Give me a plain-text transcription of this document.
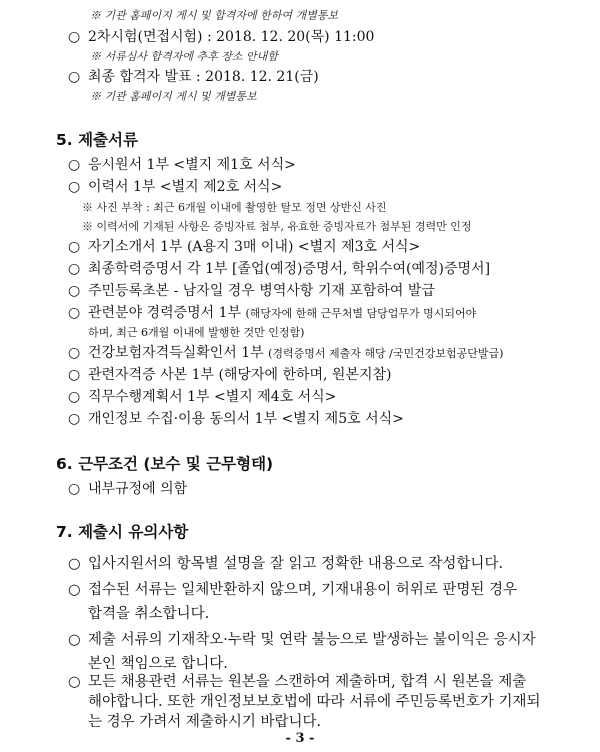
※ 기관 홈페이지 게시 및 합격자에 한하여 개별통보
○ 2차시험(면접시험) : 2018. 12. 20(목) 11:00
※ 서류심사 합격자에 추후 장소 안내함
○ 최종 합격자 발표 : 2018. 12. 21(금)
※ 기관 홈페이지 게시 및 개별통보
5. 제출서류
○ 응시원서 1부 <별지 제1호 서식>
○ 이력서 1부 <별지 제2호 서식>
※ 사진 부착 : 최근 6개월 이내에 촬영한 탈모 정면 상반신 사진
※ 이력서에 기재된 사항은 증빙자료 첨부, 유효한 증빙자료가 첨부된 경력만 인정
○ 자기소개서 1부 (A용지 3매 이내) <별지 제3호 서식>
○ 최종학력증명서 각 1부 [졸업(예정)증명서, 학위수여(예정)증명서]
○ 주민등록초본 - 남자일 경우 병역사항 기재 포함하여 발급
○ 관련분야 경력증명서 1부 (해당자에 한해 근무처별 담당업무가 명시되어야
하며, 최근 6개월 이내에 발행한 것만 인정함)
○ 건강보험자격득실확인서 1부 (경력증명서 제출자 해당 /국민건강보험공단발급)
○ 관련자격증 사본 1부 (해당자에 한하며, 원본지참)
○ 직무수행계획서 1부 <별지 제4호 서식>
○ 개인정보 수집·이용 동의서 1부 <별지 제5호 서식>
6. 근무조건 (보수 및 근무형태)
○ 내부규정에 의함
7. 제출시 유의사항
○ 입사지원서의 항목별 설명을 잘 읽고 정확한 내용으로 작성합니다.
○ 접수된 서류는 일체반환하지 않으며, 기재내용이 허위로 판명된 경우
합격을 취소합니다.
○ 제출 서류의 기재착오·누락 및 연락 불능으로 발생하는 불이익은 응시자
본인 책임으로 합니다.
○ 모든 채용관련 서류는 원본을 스캔하여 제출하며, 합격 시 원본을 제출
해야합니다. 또한 개인정보보호법에 따라 서류에 주민등록번호가 기재되
는 경우 가려서 제출하시기 바랍니다.
- 3 -
